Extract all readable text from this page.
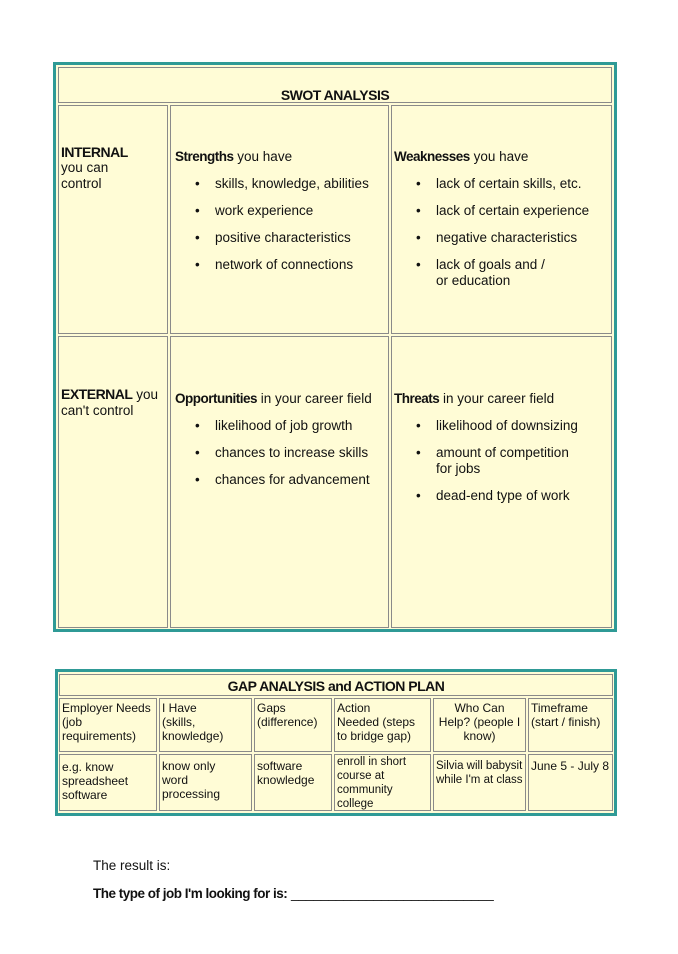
SWOT ANALYSIS
INTERNAL
you can
control
Strengths you have
• skills, knowledge, abilities
• work experience
• positive characteristics
• network of connections
Weaknesses you have
• lack of certain skills, etc.
• lack of certain experience
• negative characteristics
• lack of goals and /
or education
EXTERNAL you
can't control
Opportunities in your career field
• likelihood of job growth
• chances to increase skills
• chances for advancement
Threats in your career field
• likelihood of downsizing
• amount of competition
for jobs
• dead-end type of work
GAP ANALYSIS and ACTION PLAN
Employer Needs
(job
requirements)
I Have
(skills,
knowledge)
Gaps
(difference)
Action
Needed (steps
to bridge gap)
Who Can
Help? (people I
know)
Timeframe
(start / finish)
e.g. know
spreadsheet
software
know only
word
processing
software
knowledge
enroll in short
course at
community college
Silvia will babysit
while I'm at class
June 5 - July 8
The result is:
The type of job I'm looking for is: ___________________________
